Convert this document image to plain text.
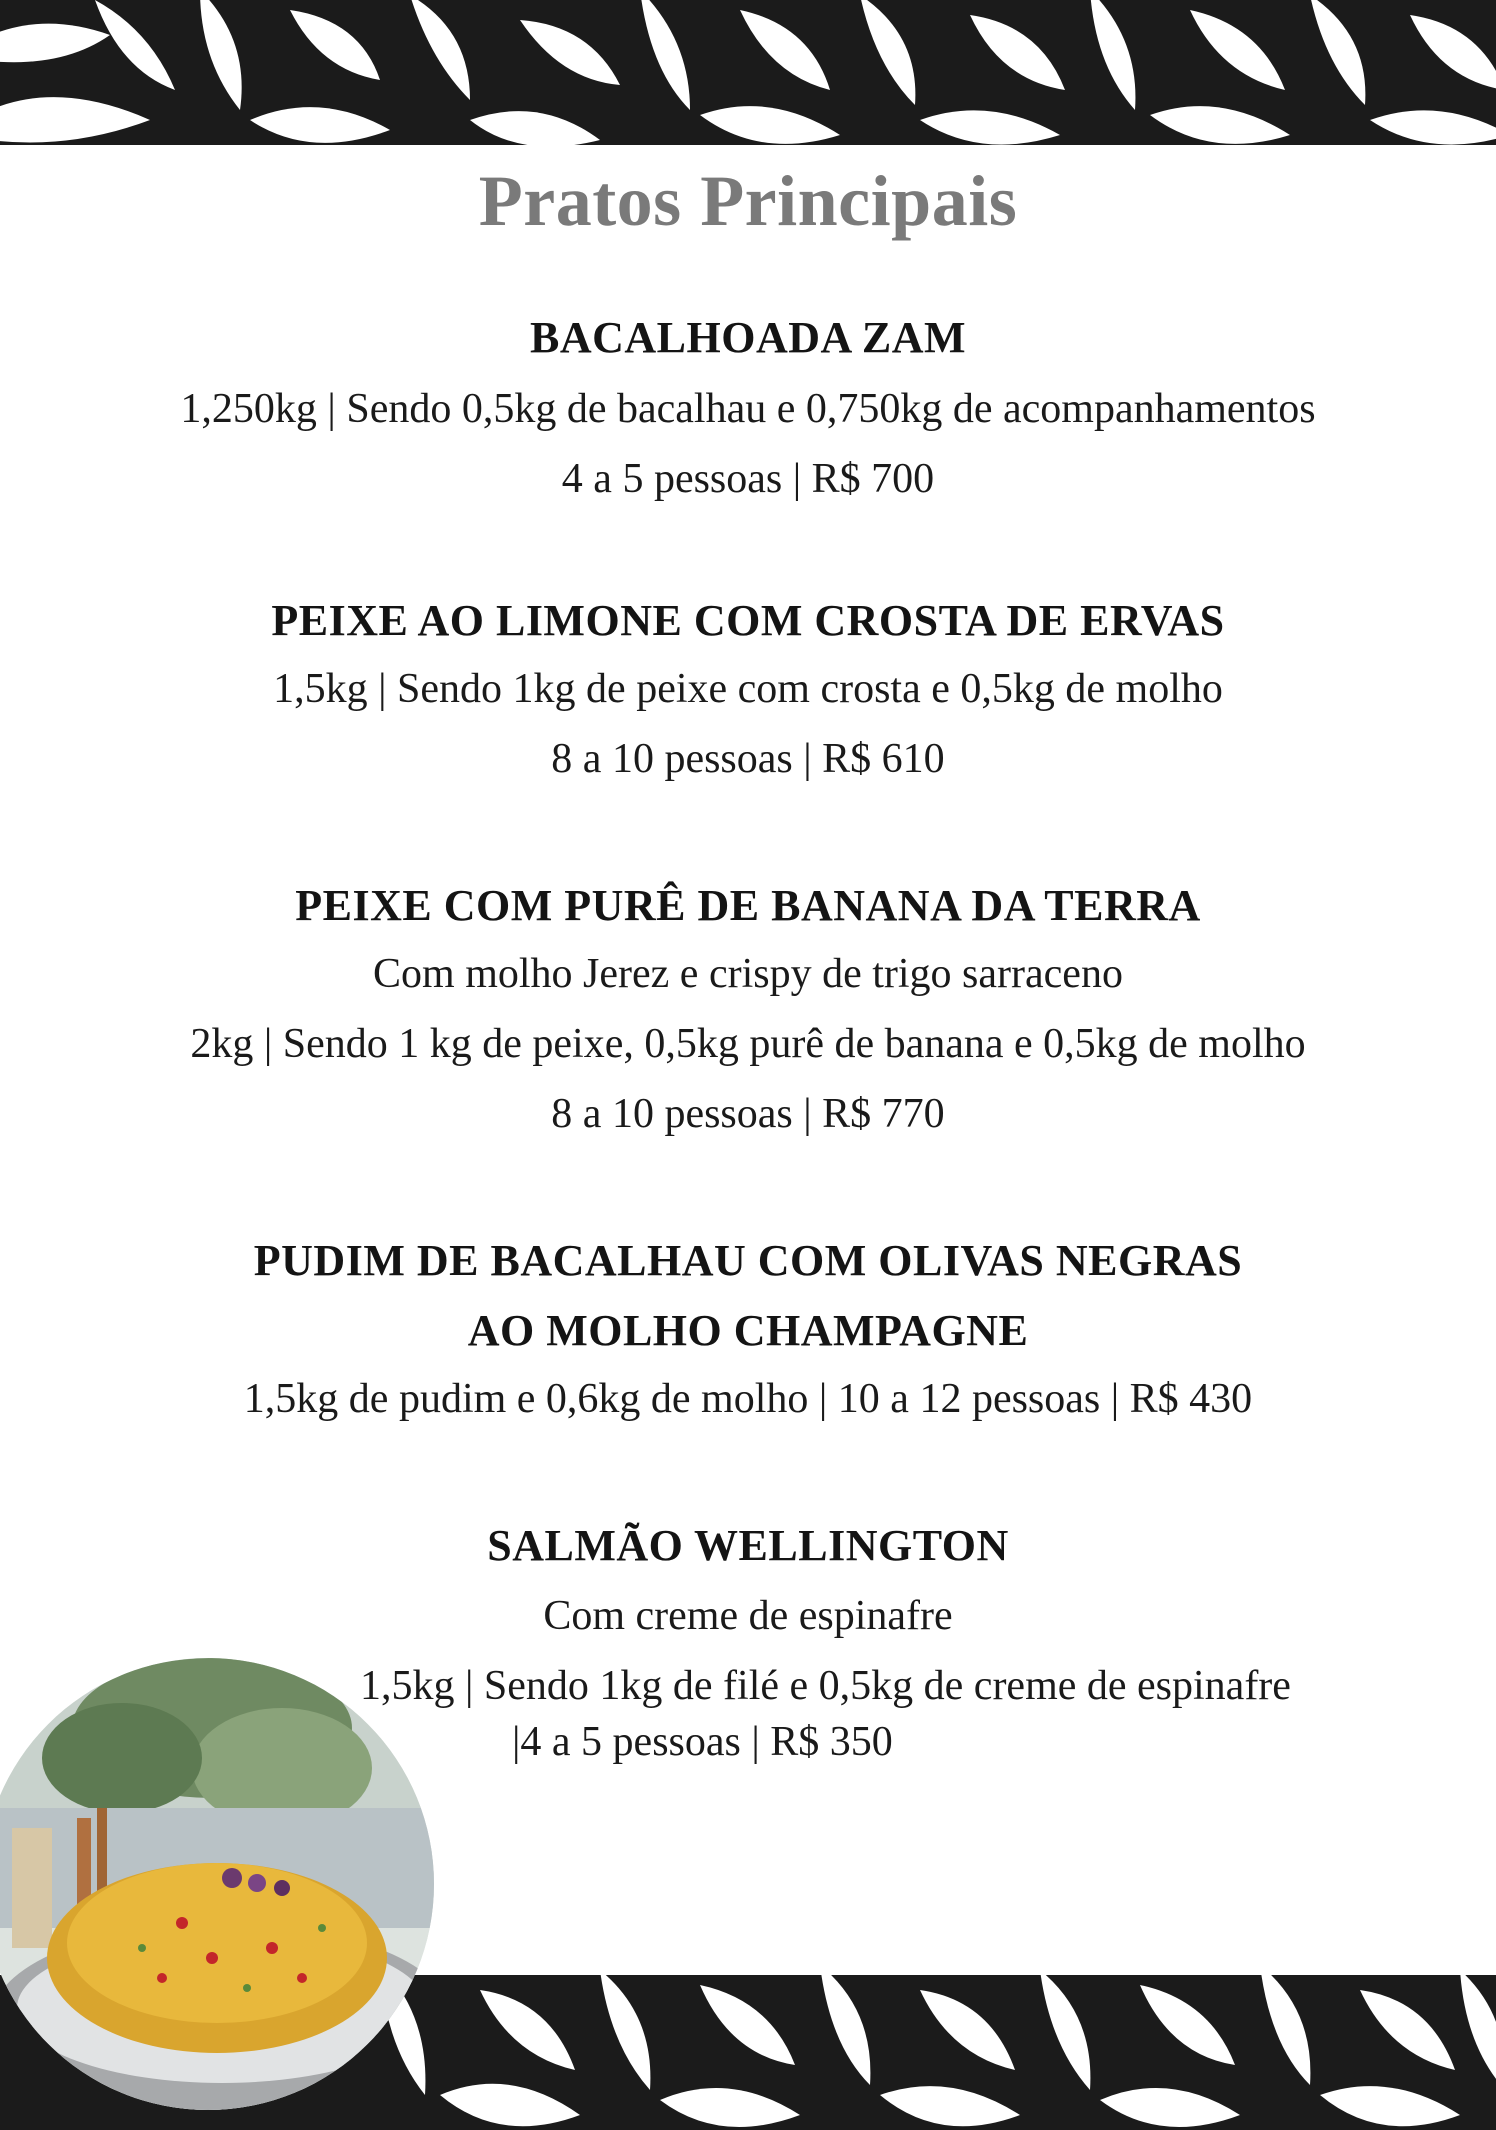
Pratos Principais
BACALHOADA ZAM
1,250kg | Sendo 0,5kg de bacalhau e 0,750kg de acompanhamentos
4 a 5 pessoas | R$ 700
PEIXE AO LIMONE COM CROSTA DE ERVAS
1,5kg | Sendo 1kg de peixe com crosta e 0,5kg de molho
8 a 10 pessoas | R$ 610
PEIXE COM PURÊ DE BANANA DA TERRA
Com molho Jerez e crispy de trigo sarraceno
2kg | Sendo 1 kg de peixe, 0,5kg purê de banana e 0,5kg de molho
8 a 10 pessoas | R$ 770
PUDIM DE BACALHAU COM OLIVAS NEGRAS
AO MOLHO CHAMPAGNE
1,5kg de pudim e 0,6kg de molho | 10 a 12 pessoas | R$ 430
SALMÃO WELLINGTON
Com creme de espinafre
1,5kg | Sendo 1kg de filé e 0,5kg de creme de espinafre
|4 a 5 pessoas | R$ 350
